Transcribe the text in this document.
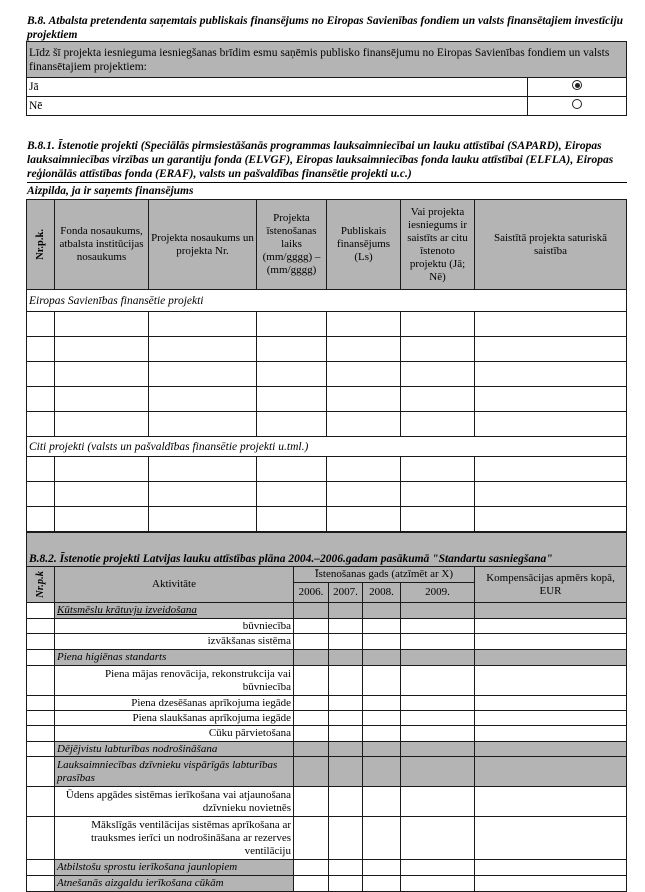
B.8. Atbalsta pretendenta saņemtais publiskais finansējums no Eiropas Savienības fondiem un valsts finansētajiem investīciju projektiem
Līdz šī projekta iesnieguma iesniegšanas brīdim esmu saņēmis publisko finansējumu no Eiropas Savienības fondiem un valsts finansētajiem projektiem:	
Jā	
Nē	
B.8.1. Īstenotie projekti (Speciālās pirmsiestāšanās programmas lauksaimniecībai un lauku attīstībai (SAPARD), Eiropas lauksaimniecības virzības un garantiju fonda (ELVGF), Eiropas lauksaimniecības fonda lauku attīstībai (ELFLA), Eiropas reģionālās attīstības fonda (ERAF), valsts un pašvaldības finansētie projekti u.c.)
Aizpilda, ja ir saņemts finansējums
Nr.p.k.	Fonda nosaukums, atbalsta institūcijas nosaukums	Projekta nosaukums un projekta Nr.	Projekta īstenošanas laiks (mm/gggg) – (mm/gggg)	Publiskais finansējums (Ls)	Vai projekta iesniegums ir saistīts ar citu īstenoto projektu (Jā; Nē)	Saistītā projekta saturiskā saistība
Eiropas Savienības finansētie projekti						

Citi projekti (valsts un pašvaldības finansētie projekti u.tml.)						

B.8.2. Īstenotie projekti Latvijas lauku attīstības plāna 2004.–2006.gadam pasākumā "Standartu sasniegšana"						

Nr.p.k	Aktivitāte	Īstenošanas gads (atzīmēt ar X)				Kompensācijas apmērs kopā, EUR
		2006.	2007.	2008.	2009.	
	Kūtsmēslu krātuvju izveidošana					
	būvniecība					
	izvākšanas sistēma					
	Piena higiēnas standarts					
	Piena mājas renovācija, rekonstrukcija vai būvniecība					
	Piena dzesēšanas aprīkojuma iegāde					
	Piena slaukšanas aprīkojuma iegāde					
	Cūku pārvietošana					
	Dējējvistu labturības nodrošināšana					
	Lauksaimniecības dzīvnieku vispārīgās labturības prasības					
	Ūdens apgādes sistēmas ierīkošana vai atjaunošana dzīvnieku novietnēs					
	Mākslīgās ventilācijas sistēmas aprīkošana ar trauksmes ierīci un nodrošināšana ar rezerves ventilāciju					
	Atbilstošu sprostu ierīkošana jaunlopiem					
	Atnešanās aizgaldu ierīkošana cūkām					
